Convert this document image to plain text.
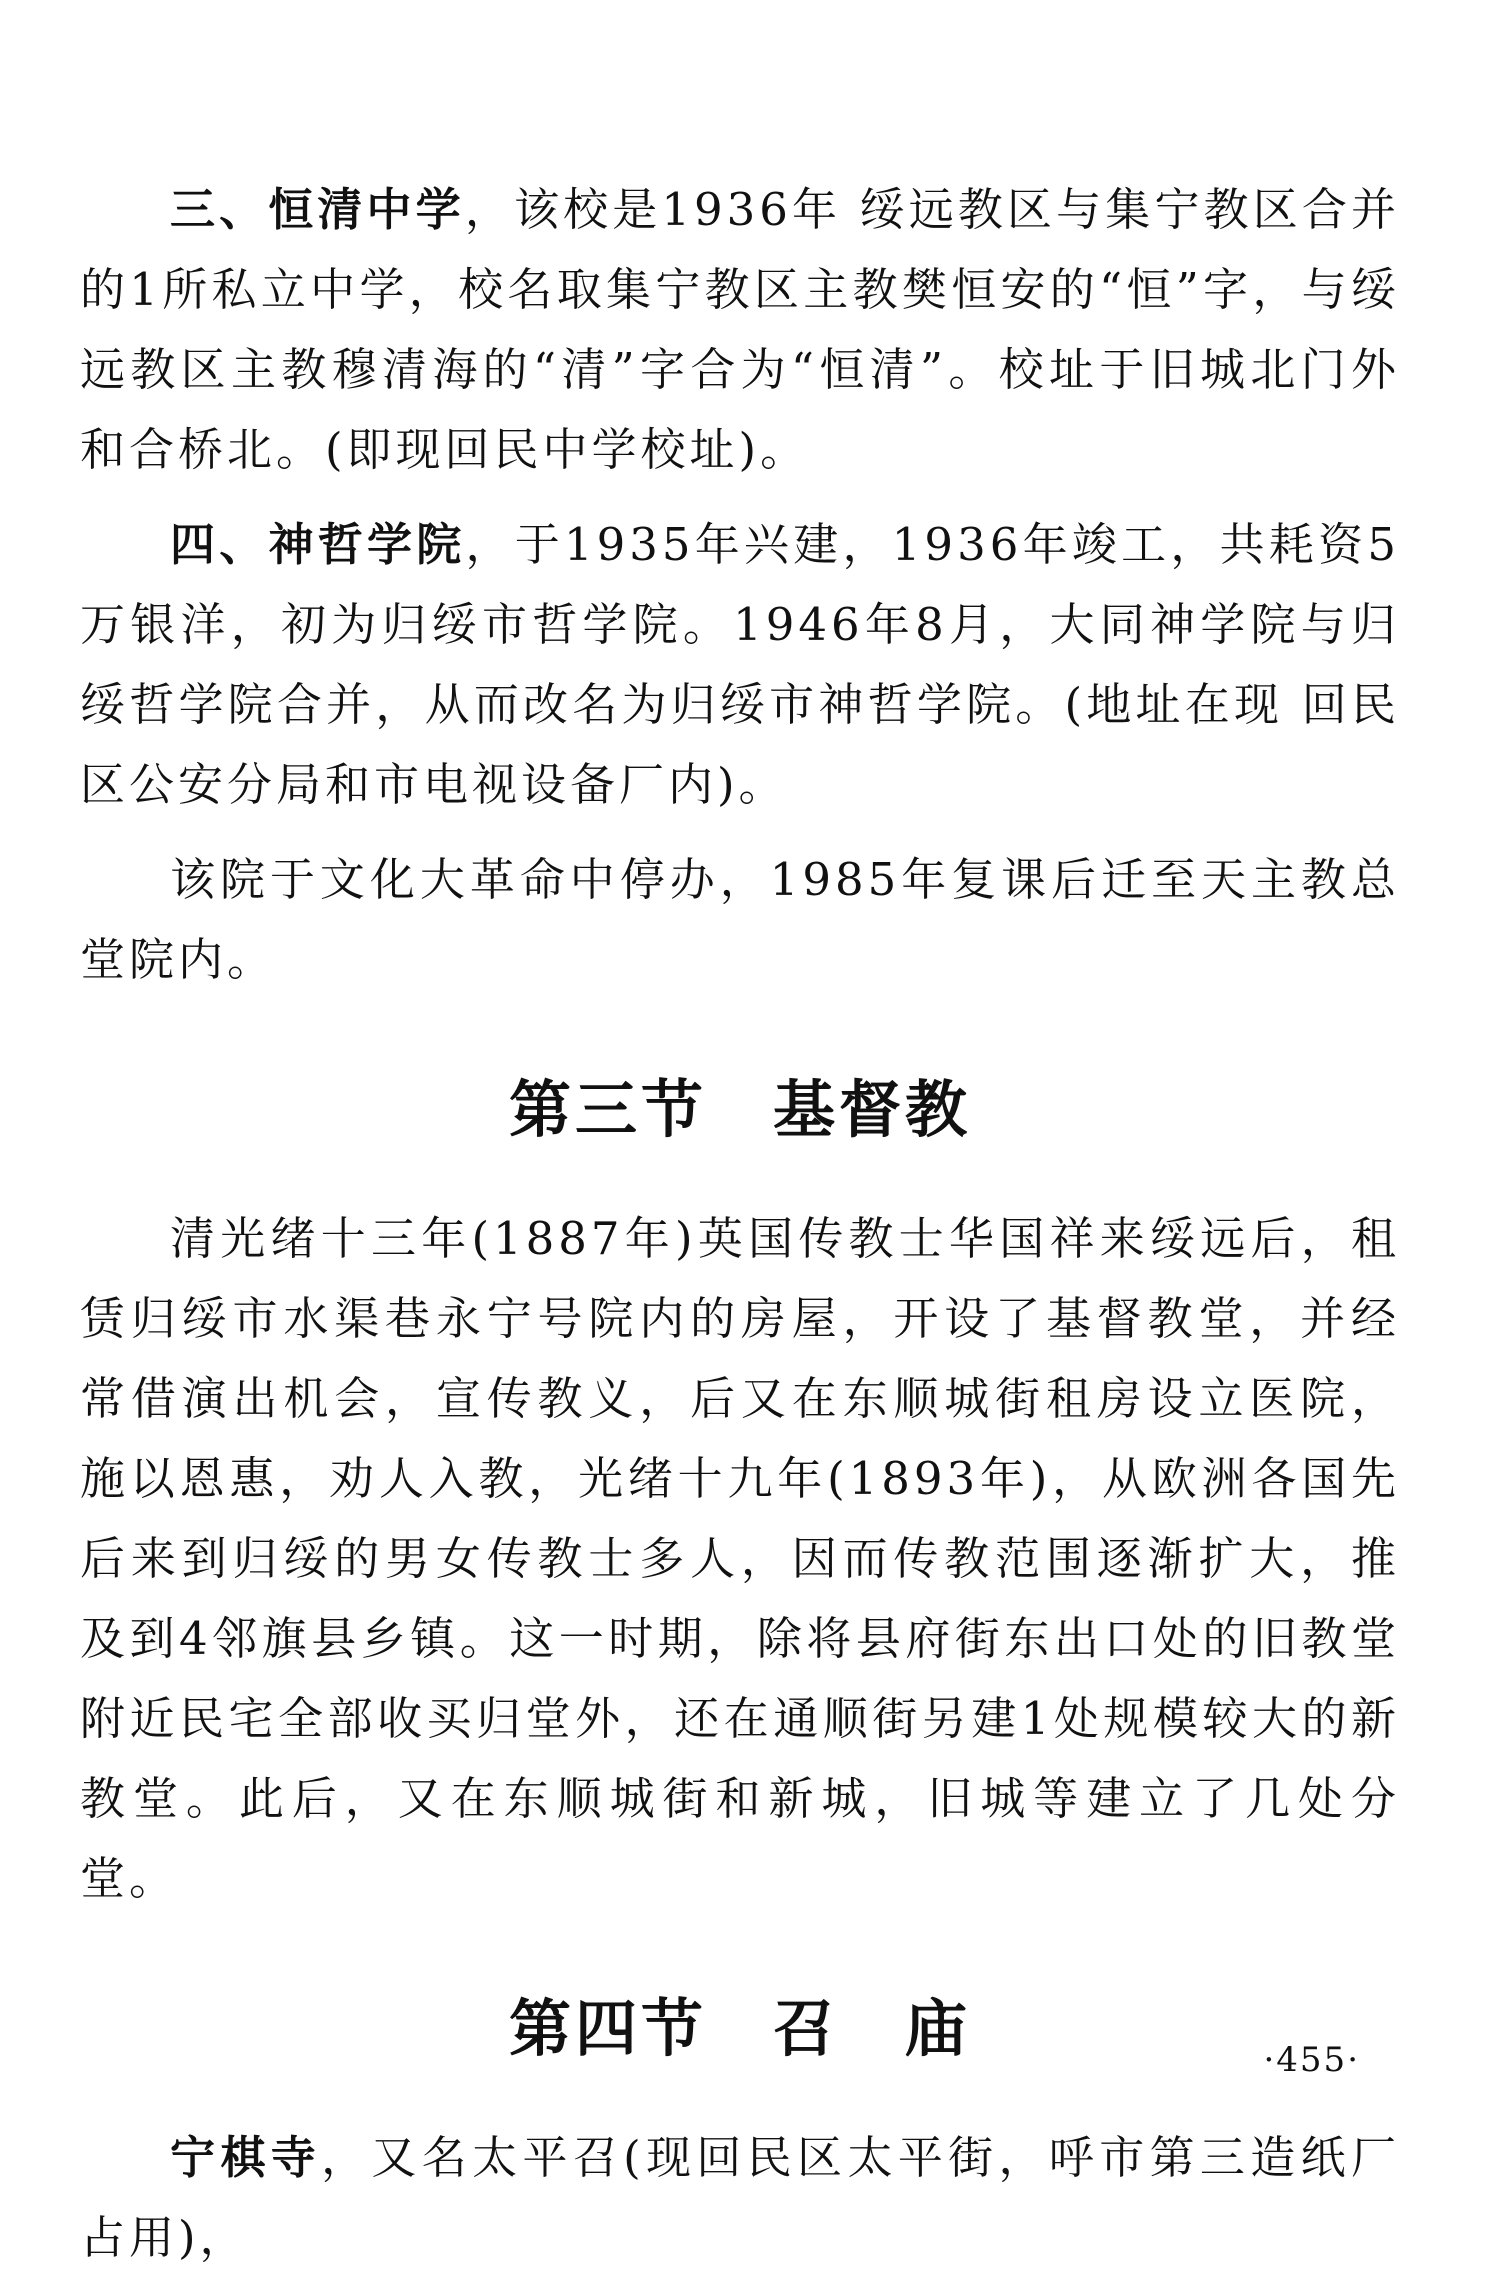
三、恒清中学，该校是1936年 绥远教区与集宁教区合并的1所私立中学，校名取集宁教区主教樊恒安的“恒”字，与绥远教区主教穆清海的“清”字合为“恒清”。校址于旧城北门外和合桥北。(即现回民中学校址)。

四、神哲学院，于1935年兴建，1936年竣工，共耗资5万银洋，初为归绥市哲学院。1946年8月，大同神学院与归绥哲学院合并，从而改名为归绥市神哲学院。(地址在现 回民区公安分局和市电视设备厂内)。

该院于文化大革命中停办，1985年复课后迁至天主教总堂院内。

第三节　基督教

清光绪十三年(1887年)英国传教士华国祥来绥远后，租赁归绥市水渠巷永宁号院内的房屋，开设了基督教堂，并经常借演出机会，宣传教义，后又在东顺城街租房设立医院，施以恩惠，劝人入教，光绪十九年(1893年)，从欧洲各国先后来到归绥的男女传教士多人，因而传教范围逐渐扩大，推及到4邻旗县乡镇。这一时期，除将县府街东出口处的旧教堂附近民宅全部收买归堂外，还在通顺街另建1处规模较大的新教堂。此后，又在东顺城街和新城，旧城等建立了几处分堂。

第四节　召　庙

宁棋寺，又名太平召(现回民区太平街，呼市第三造纸厂占用)，

·455·
